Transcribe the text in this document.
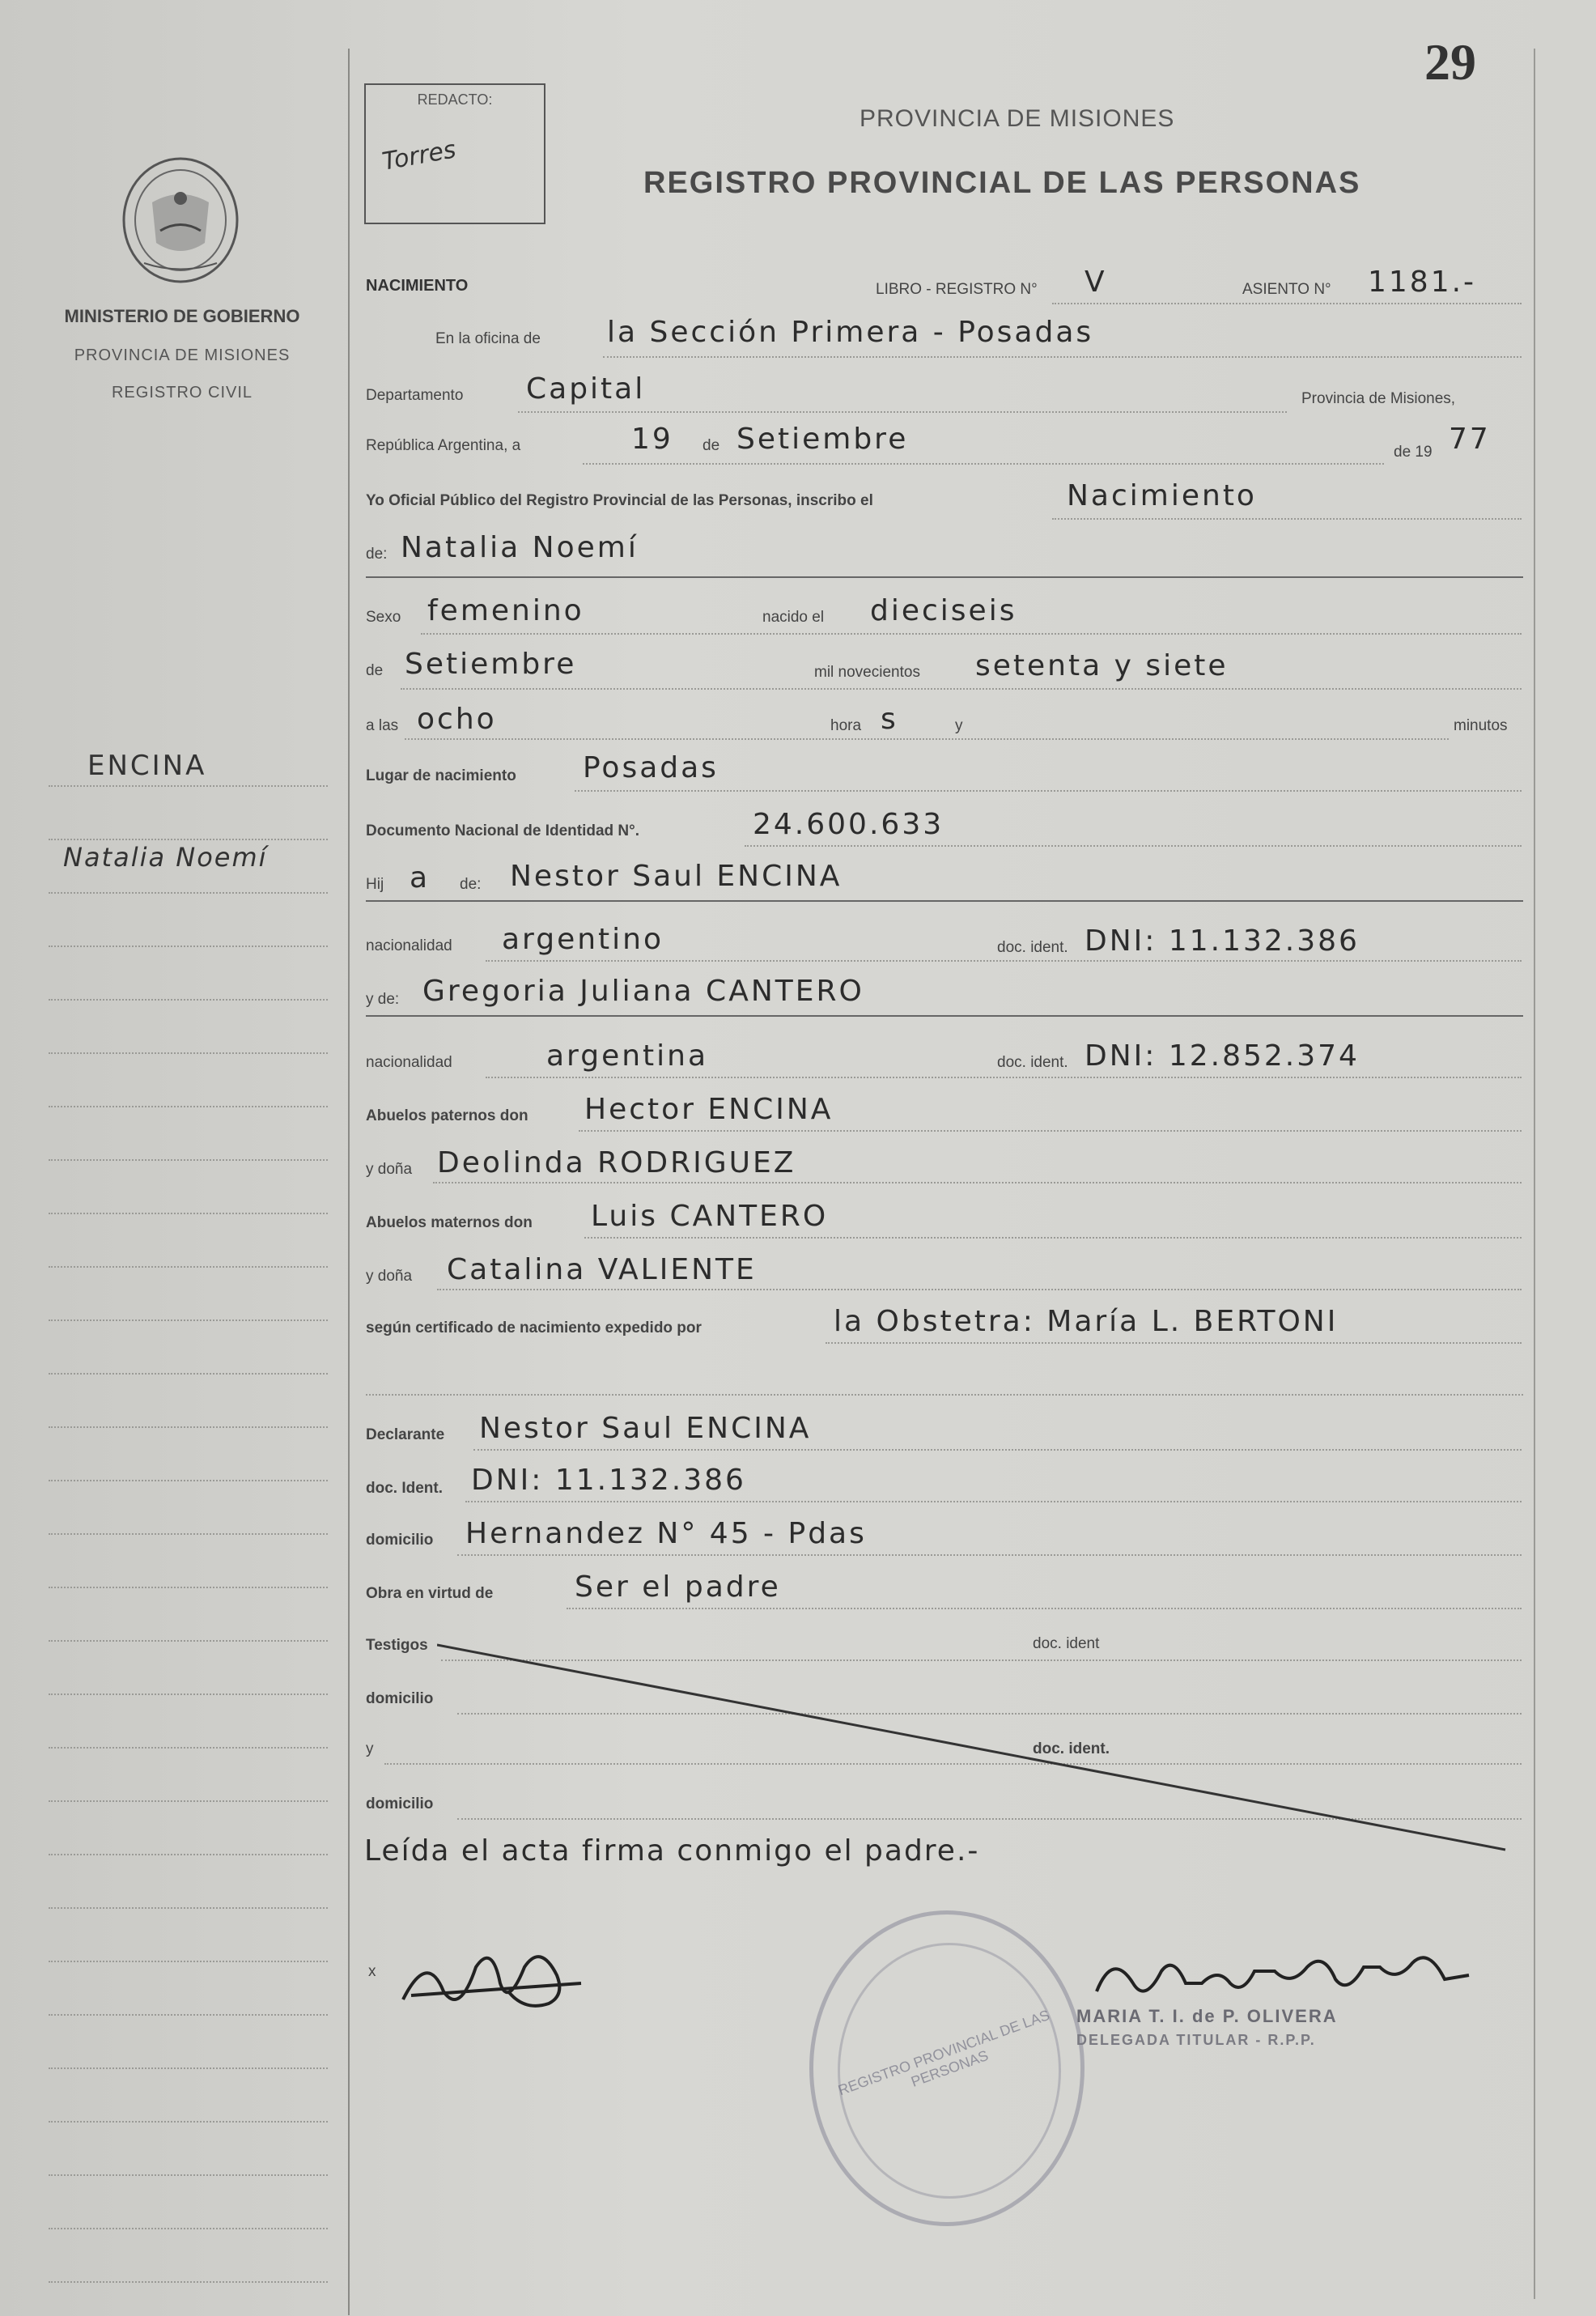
29
REDACTO:
Torres
PROVINCIA DE MISIONES
REGISTRO PROVINCIAL DE LAS PERSONAS
MINISTERIO DE GOBIERNO
PROVINCIA DE MISIONES
REGISTRO CIVIL
ENCINA
Natalia Noemí
NACIMIENTO	LIBRO - REGISTRO N° V	ASIENTO N° 1181.-
En la oficina de la Sección Primera - Posadas
Departamento Capital	Provincia de Misiones,
República Argentina, a	19 de Setiembre	de 19 77
Yo Oficial Público del Registro Provincial de las Personas, inscribo el	Nacimiento
de: Natalia Noemí
Sexo femenino	nacido el dieciseis
de Setiembre	mil novecientos setenta y siete
a las ocho	hora s	y	minutos
Lugar de nacimiento Posadas
Documento Nacional de Identidad N°.	24.600.633
Hij a de: Nestor Saul ENCINA
nacionalidad argentino	doc. ident. DNI: 11.132.386
y de: Gregoria Juliana CANTERO
nacionalidad	argentina	doc. ident. DNI: 12.852.374
Abuelos paternos don Hector ENCINA
y doña Deolinda RODRIGUEZ
Abuelos maternos don Luis CANTERO
y doña Catalina VALIENTE
según certificado de nacimiento expedido por	la Obstetra: María L. BERTONI
Declarante Nestor Saul ENCINA
doc. Ident. DNI: 11.132.386
domicilio Hernandez N° 45 - Pdas
Obra en virtud de	Ser el padre
Testigos	doc. ident
domicilio
y	doc. ident.
domicilio
Leída el acta firma conmigo el padre.-
REGISTRO PROVINCIAL DE LAS PERSONAS
x
MARIA T. I. de P. OLIVERA
DELEGADA TITULAR - R.P.P.
